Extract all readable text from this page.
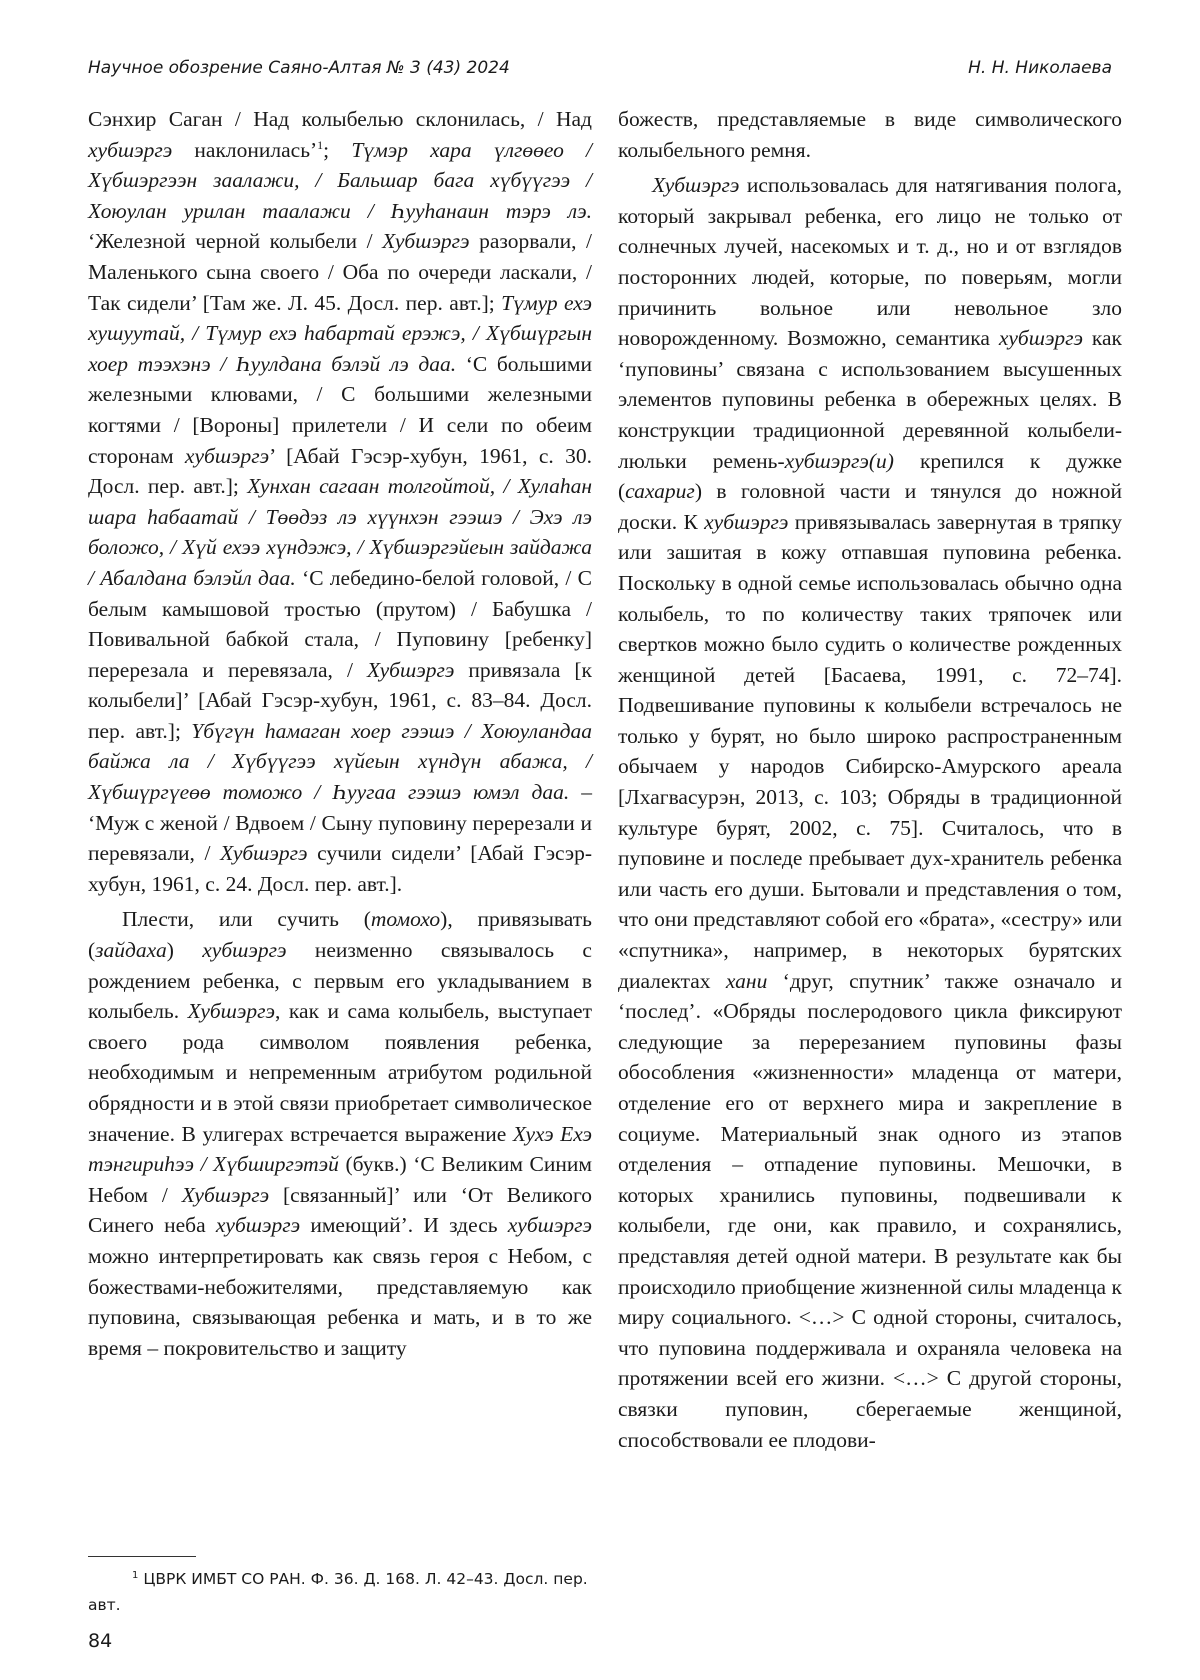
Научное обозрение Саяно-Алтая № 3 (43) 2024	Н. Н. Николаева

Сэнхир Саган / Над колыбелью склонилась, / Над хубшэргэ наклонилась’$^1$; Түмэр хара үлгөөео / Хүбшэргээн заалажи, / Бальшар бага хүбүүгээ / Хоюулан урилан таалажи / Һууһанаин тэрэ лэ. ‘Железной черной колыбели / Хубшэргэ разорвали, / Маленького сына своего / Оба по очереди ласкали, / Так сидели’ [Там же. Л. 45. Досл. пер. авт.]; Түмур ехэ хушуутай, / Түмур ехэ һабартай ерэжэ, / Хүбшүргын хоер тээхэнэ / Һуулдана бэлэй лэ даа. ‘С большими железными клювами, / С большими железными когтями / [Вороны] прилетели / И сели по обеим сторонам хубшэргэ’ [Абай Гэсэр-хубун, 1961, с. 30. Досл. пер. авт.]; Хунхан сагаан толгойтой, / Хулаһан шара һабаатай / Төөдэз лэ хүүнхэн гээшэ / Эхэ лэ боложо, / Хүй ехээ хүндэжэ, / Хүбшэргэйеын зайдажа / Абалдана бэлэйл даа. ‘С лебедино-белой головой, / С белым камышовой тростью (прутом) / Бабушка / Повивальной бабкой стала, / Пуповину [ребенку] перерезала и перевязала, / Хубшэргэ привязала [к колыбели]’ [Абай Гэсэр-хубун, 1961, с. 83–84. Досл. пер. авт.]; Үбүгүн һамаган хоер гээшэ / Хоюуландаа байжа ла / Хүбүүгээ хүйеын хүндүн абажа, / Хүбшүргүеөө томожо / Һуугаа гээшэ юмэл даа. – ‘Муж с женой / Вдвоем / Сыну пуповину перерезали и перевязали, / Хубшэргэ сучили сидели’ [Абай Гэсэр-хубун, 1961, с. 24. Досл. пер. авт.].

Плести, или сучить (томохо), привязывать (зайдаха) хубшэргэ неизменно связывалось с рождением ребенка, с первым его укладыванием в колыбель. Хубшэргэ, как и сама колыбель, выступает своего рода символом появления ребенка, необходимым и непременным атрибутом родильной обрядности и в этой связи приобретает символическое значение. В улигерах встречается выражение Хухэ Ехэ тэнгириһээ / Хүбширгэтэй (букв.) ‘С Великим Синим Небом / Хубшэргэ [связанный]’ или ‘От Великого Синего неба хубшэргэ имеющий’. И здесь хубшэргэ можно интерпретировать как связь героя с Небом, с божествами-небожителями, представляемую как пуповина, связывающая ребенка и мать, и в то же время – покровительство и защиту

божеств, представляемые в виде символического колыбельного ремня.

Хубшэргэ использовалась для натягивания полога, который закрывал ребенка, его лицо не только от солнечных лучей, насекомых и т. д., но и от взглядов посторонних людей, которые, по поверьям, могли причинить вольное или невольное зло новорожденному. Возможно, семантика хубшэргэ как ‘пуповины’ связана с использованием высушенных элементов пуповины ребенка в обережных целях. В конструкции традиционной деревянной колыбели-люльки ремень-хубшэргэ(и) крепился к дужке (сахариг) в головной части и тянулся до ножной доски. К хубшэргэ привязывалась завернутая в тряпку или зашитая в кожу отпавшая пуповина ребенка. Поскольку в одной семье использовалась обычно одна колыбель, то по количеству таких тряпочек или свертков можно было судить о количестве рожденных женщиной детей [Басаева, 1991, с. 72–74]. Подвешивание пуповины к колыбели встречалось не только у бурят, но было широко распространенным обычаем у народов Сибирско-Амурского ареала [Лхагвасурэн, 2013, с. 103; Обряды в традиционной культуре бурят, 2002, с. 75]. Считалось, что в пуповине и последе пребывает дух-хранитель ребенка или часть его души. Бытовали и представления о том, что они представляют собой его «брата», «сестру» или «спутника», например, в некоторых бурятских диалектах хани ‘друг, спутник’ также означало и ‘послед’. «Обряды послеродового цикла фиксируют следующие за перерезанием пуповины фазы обособления «жизненности» младенца от матери, отделение его от верхнего мира и закрепление в социуме. Материальный знак одного из этапов отделения – отпадение пуповины. Мешочки, в которых хранились пуповины, подвешивали к колыбели, где они, как правило, и сохранялись, представляя детей одной матери. В результате как бы происходило приобщение жизненной силы младенца к миру социального. <…> С одной стороны, считалось, что пуповина поддерживала и охраняла человека на протяжении всей его жизни. <…> С другой стороны, связки пуповин, сберегаемые женщиной, способствовали ее плодови-

$^1$ ЦВРК ИМБТ СО РАН. Ф. 36. Д. 168. Л. 42–43. Досл. пер. авт.
84
